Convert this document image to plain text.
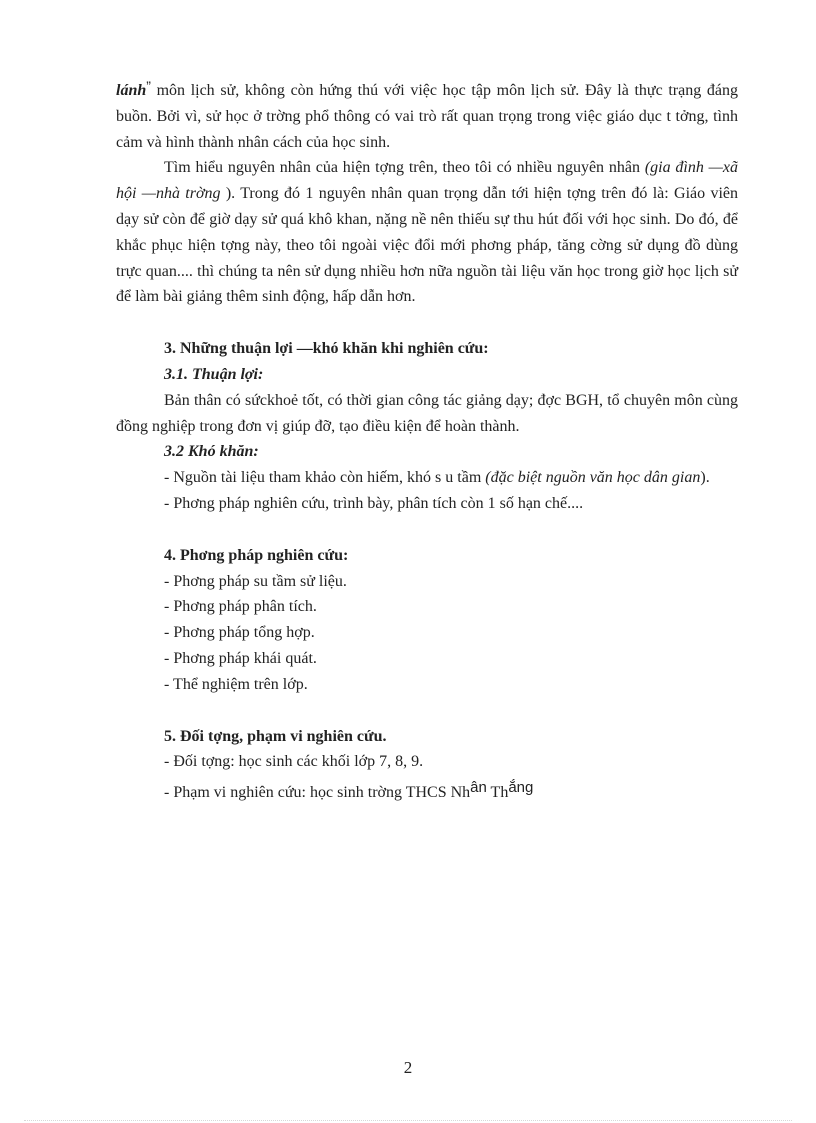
lánh” môn lịch sử, không còn hứng thú với việc học tập môn lịch sử. Đây là thực trạng đáng buồn. Bởi vì, sử học ở trờng phổ thông có vai trò rất quan trọng trong việc giáo dục t tởng, tình cảm và hình thành nhân cách của học sinh.

Tìm hiểu nguyên nhân của hiện tợng trên, theo tôi có nhiều nguyên nhân (gia đình —xã hội —nhà trờng ). Trong đó 1 nguyên nhân quan trọng dẫn tới hiện tợng trên đó là: Giáo viên dạy sử còn để giờ dạy sử quá khô khan, nặng nề nên thiếu sự thu hút đối với học sinh. Do đó, để khắc phục hiện tợng này, theo tôi ngoài việc đổi mới phơng pháp, tăng cờng sử dụng đồ dùng trực quan.... thì chúng ta nên sử dụng nhiều hơn nữa nguồn tài liệu văn học trong giờ học lịch sử để làm bài giảng thêm sinh động, hấp dẫn hơn.

3. Những thuận lợi —khó khăn khi nghiên cứu:

3.1. Thuận lợi:

Bản thân có sứckhoẻ tốt, có thời gian công tác giảng dạy; đợc BGH, tổ chuyên môn cùng đồng nghiệp trong đơn vị giúp đỡ, tạo điều kiện để hoàn thành.

3.2 Khó khăn:

- Nguồn tài liệu tham khảo còn hiếm, khó s u tầm (đặc biệt nguồn văn học dân gian).

- Phơng pháp nghiên cứu, trình bày, phân tích còn 1 số hạn chế....

4. Phơng pháp nghiên cứu:

- Phơng pháp su tầm sử liệu.

- Phơng pháp phân tích.

- Phơng pháp tổng hợp.

- Phơng pháp khái quát.

- Thể nghiệm trên lớp.

5. Đối tợng, phạm vi nghiên cứu.

- Đối tợng: học sinh các khối lớp 7, 8, 9.

- Phạm vi nghiên cứu: học sinh trờng THCS Nhân Thắng

2
